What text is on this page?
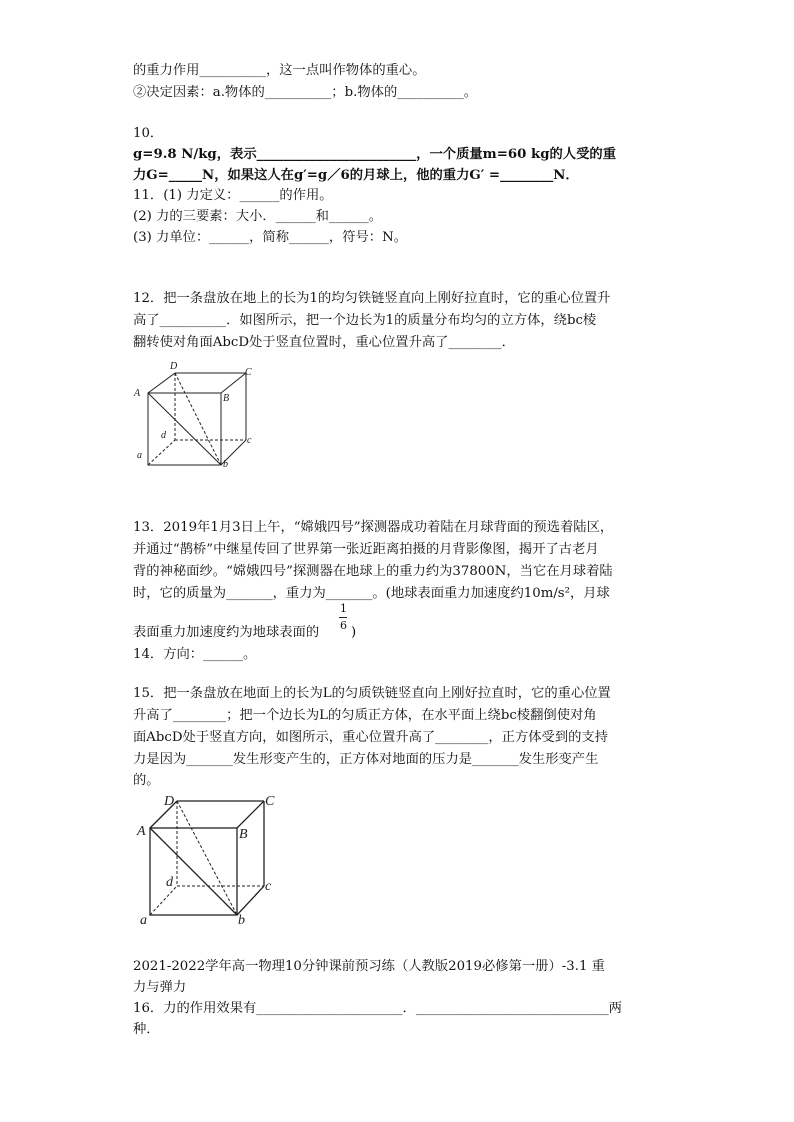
的重力作用__________，这一点叫作物体的重心。
②决定因素：a.物体的__________；b.物体的__________。
10．
g=9.8 N/kg，表示________________________，一个质量m=60 kg的人受的重
力G=_____N，如果这人在g′=g／6的月球上，他的重力G′ =________N．
11．(1) 力定义：______的作用。
(2) 力的三要素：大小．______和______。
(3) 力单位：______，简称______，符号：N。
12．把一条盘放在地上的长为1的均匀铁链竖直向上刚好拉直时，它的重心位置升
高了__________．如图所示，把一个边长为1的质量分布均匀的立方体，绕bc棱
翻转使对角面AbcD处于竖直位置时，重心位置升高了________．
A
D
C
B
d	c
a
b
13．2019年1月3日上午，“嫦娥四号”探测器成功着陆在月球背面的预选着陆区，
并通过“鹊桥”中继星传回了世界第一张近距离拍摄的月背影像图，揭开了古老月
背的神秘面纱。“嫦娥四号”探测器在地球上的重力约为37800N，当它在月球着陆
时，它的质量为_______，重力为_______。(地球表面重力加速度约10m/s²，月球
表面重力加速度约为地球表面的
1
6 )
14．方向：______。
15．把一条盘放在地面上的长为L的匀质铁链竖直向上刚好拉直时，它的重心位置
升高了________；把一个边长为L的匀质正方体，在水平面上绕bc棱翻倒使对角
面AbcD处于竖直方向，如图所示，重心位置升高了________，正方体受到的支持
力是因为_______发生形变产生的，正方体对地面的压力是_______发生形变产生
的。
A
D	C
B
d	c
a	b
2021-2022学年高一物理10分钟课前预习练（人教版2019必修第一册）-3.1 重
力与弹力
16．力的作用效果有______________________．_____________________________两
种．
